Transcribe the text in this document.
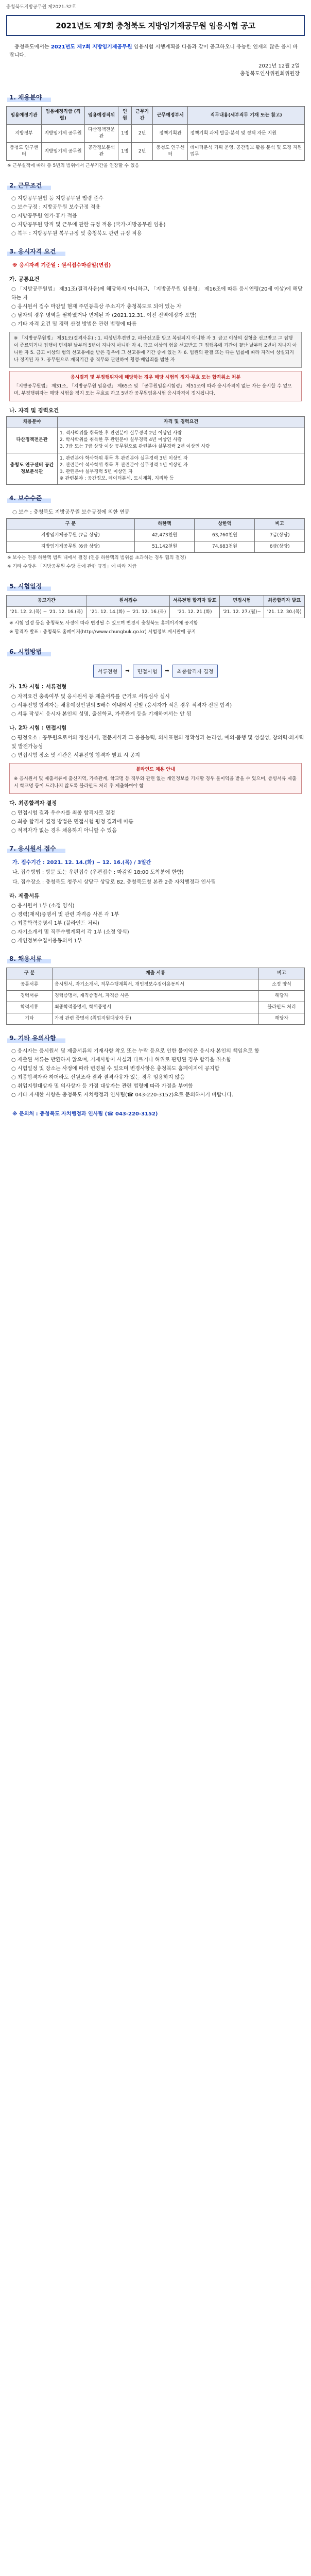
충청북도지방공무원 제2021-32호
2021년도 제7회 충청북도 지방임기제공무원 임용시험 공고
충청북도에서는 2021년도 제7회 지방임기제공무원 임용시험 시행계획을 다음과 같이 공고하오니 유능한 인재의 많은 응시 바랍니다.
2021년 12월 2일
충청북도인사위원회위원장
1. 채용분야
임용예정기관	임용예정직급 (직렬)	임용예정직위	인원	근무기간	근무예정부서	직무내용(세부직무 기재 또는 참고)
지방정부	지방임기제 공무원	다산정책전문관	1명	2년	정책기획관	정책기획 과제 발굴·분석 및 정책 자문 지원
충청도 연구센터	지방임기제 공무원	공간정보분석관	1명	2년	충청도 연구센터	데이터분석 기획 운영, 공간정보 활용 분석 및 도정 지원 업무
※ 근무실적에 따라 총 5년의 범위에서 근무기간을 연장할 수 있음
2. 근무조건
○ 지방공무원법 등 지방공무원 법령 준수
○ 보수규정 : 지방공무원 보수규정 적용
○ 지방공무원 연가·휴가 적용
○ 지방공무원 당직 및 근무에 관한 규정 적용 (국가·지방공무원 임용)
○ 복무 : 지방공무원 복무규정 및 충청북도 관련 규정 적용
3. 응시자격 요건
※ 응시자격 기준일 : 원서접수마감일(면접)
가. 공통요건
○ 「지방공무원법」 제31조(결격사유)에 해당하지 아니하고, 「지방공무원 임용령」 제16조에 따른 응시연령(20세 이상)에 해당하는 자
○ 응시원서 접수 마감일 현재 주민등록상 주소지가 충청북도로 되어 있는 자
○ 남자의 경우 병역을 필하였거나 면제된 자 (2021.12.31. 이전 전역예정자 포함)
○ 기타 자격 요건 및 경력 산정 방법은 관련 법령에 따름
※ 「지방공무원법」 제31조(결격사유) : 1. 피성년후견인 2. 파산선고를 받고 복권되지 아니한 자 3. 금고 이상의 실형을 선고받고 그 집행이 종료되거나 집행이 면제된 날부터 5년이 지나지 아니한 자 4. 금고 이상의 형을 선고받고 그 집행유예 기간이 끝난 날부터 2년이 지나지 아니한 자 5. 금고 이상의 형의 선고유예를 받은 경우에 그 선고유예 기간 중에 있는 자 6. 법원의 판결 또는 다른 법률에 따라 자격이 상실되거나 정지된 자 7. 공무원으로 재직기간 중 직무와 관련하여 횡령·배임죄를 범한 자
응시결격 및 부정행위자에 해당하는 경우 해당 시험의 정지·무효 또는 합격취소 처분
「지방공무원법」 제31조, 「지방공무원 임용령」 제65조 및 「공무원임용시험령」 제51조에 따라 응시자격이 없는 자는 응시할 수 없으며, 부정행위자는 해당 시험을 정지 또는 무효로 하고 5년간 공무원임용시험 응시자격이 정지됩니다.
나. 자격 및 경력요건
채용분야	자격 및 경력요건
다산정책전문관	1. 석사학위를 취득한 후 관련분야 실무경력 2년 이상인 사람
2. 학사학위를 취득한 후 관련분야 실무경력 4년 이상인 사람
3. 7급 또는 7급 상당 이상 공무원으로 관련분야 실무경력 2년 이상인 사람
충청도 연구센터 공간정보분석관	1. 관련분야 학사학위 취득 후 관련분야 실무경력 3년 이상인 자
2. 관련분야 석사학위 취득 후 관련분야 실무경력 1년 이상인 자
3. 관련분야 실무경력 5년 이상인 자
※ 관련분야 : 공간정보, 데이터분석, 도시계획, 지리학 등
4. 보수수준
○ 보수 : 충청북도 지방공무원 보수규정에 의한 연봉
구 분	하한액	상한액	비고
지방임기제공무원 (7급 상당)	42,473천원	63,760천원	7급(상당)
지방임기제공무원 (6급 상당)	51,142천원	74,683천원	6급(상당)
※ 보수는 연봉 하한액 범위 내에서 결정 (연봉 하한액의 범위를 초과하는 경우 협의 결정)
※ 기타 수당은 「지방공무원 수당 등에 관한 규정」에 따라 지급
5. 시험일정
공고기간	원서접수	서류전형 합격자 발표	면접시험	최종합격자 발표
'21. 12. 2.(목) ~ '21. 12. 16.(목)	'21. 12. 14.(화) ~ '21. 12. 16.(목)	'21. 12. 21.(화)	'21. 12. 27.(월)~	'21. 12. 30.(목)
※ 시험 일정 등은 충청북도 사정에 따라 변경될 수 있으며 변경시 충청북도 홈페이지에 공지함
※ 합격자 발표 : 충청북도 홈페이지(http://www.chungbuk.go.kr) 시험정보 게시판에 공지
6. 시험방법
서류전형	➡	면접시험	➡	최종합격자 결정
가. 1차 시험 : 서류전형
○ 자격요건 충족여부 및 응시원서 등 제출서류를 근거로 서류심사 실시
○ 서류전형 합격자는 채용예정인원의 5배수 이내에서 선발 (응시자가 적은 경우 적격자 전원 합격)
○ 서류 작성시 응시자 본인의 성명, 출신학교, 가족관계 등을 기재하여서는 안 됨
나. 2차 시험 : 면접시험
○ 평정요소 : 공무원으로서의 정신자세, 전문지식과 그 응용능력, 의사표현의 정확성과 논리성, 예의·품행 및 성실성, 창의력·의지력 및 발전가능성
○ 면접시험 장소 및 시간은 서류전형 합격자 발표 시 공지
블라인드 채용 안내
※ 응시원서 및 제출서류에 출신지역, 가족관계, 학교명 등 직무와 관련 없는 개인정보를 기재할 경우 불이익을 받을 수 있으며, 증빙서류 제출 시 학교명 등이 드러나지 않도록 블라인드 처리 후 제출하여야 함
다. 최종합격자 결정
○ 면접시험 결과 우수자를 최종 합격자로 결정
○ 최종 합격자 결정 방법은 면접시험 평정 결과에 따름
○ 적격자가 없는 경우 채용하지 아니할 수 있음
7. 응시원서 접수
가. 접수기간 : 2021. 12. 14.(화) ~ 12. 16.(목) / 3일간
나. 접수방법 : 방문 또는 우편접수 (우편접수 : 마감일 18:00 도착분에 한함)
다. 접수장소 : 충청북도 청주시 상당구 상당로 82, 충청북도청 본관 2층 자치행정과 인사팀
라. 제출서류
○ 응시원서 1부 (소정 양식)
○ 경력(재직)증명서 및 관련 자격증 사본 각 1부
○ 최종학력증명서 1부 (블라인드 처리)
○ 자기소개서 및 직무수행계획서 각 1부 (소정 양식)
○ 개인정보수집이용동의서 1부
8. 채용서류
구 분	제출 서류	비고
공통서류	응시원서, 자기소개서, 직무수행계획서, 개인정보수집이용동의서	소정 양식
경력서류	경력증명서, 재직증명서, 자격증 사본	해당자
학력서류	최종학력증명서, 학위증명서	블라인드 처리
기타	가점 관련 증명서 (취업지원대상자 등)	해당자
9. 기타 유의사항
○ 응시자는 응시원서 및 제출서류의 기재사항 착오 또는 누락 등으로 인한 불이익은 응시자 본인의 책임으로 함
○ 제출된 서류는 반환하지 않으며, 기재사항이 사실과 다르거나 허위로 판명된 경우 합격을 취소함
○ 시험일정 및 장소는 사정에 따라 변경될 수 있으며 변경사항은 충청북도 홈페이지에 공지함
○ 최종합격자라 하더라도 신원조사 결과 결격사유가 있는 경우 임용하지 않음
○ 취업지원대상자 및 의사상자 등 가점 대상자는 관련 법령에 따라 가점을 부여함
○ 기타 자세한 사항은 충청북도 자치행정과 인사팀(☎ 043-220-3152)으로 문의하시기 바랍니다.
※ 문의처 : 충청북도 자치행정과 인사팀 (☎ 043-220-3152)
